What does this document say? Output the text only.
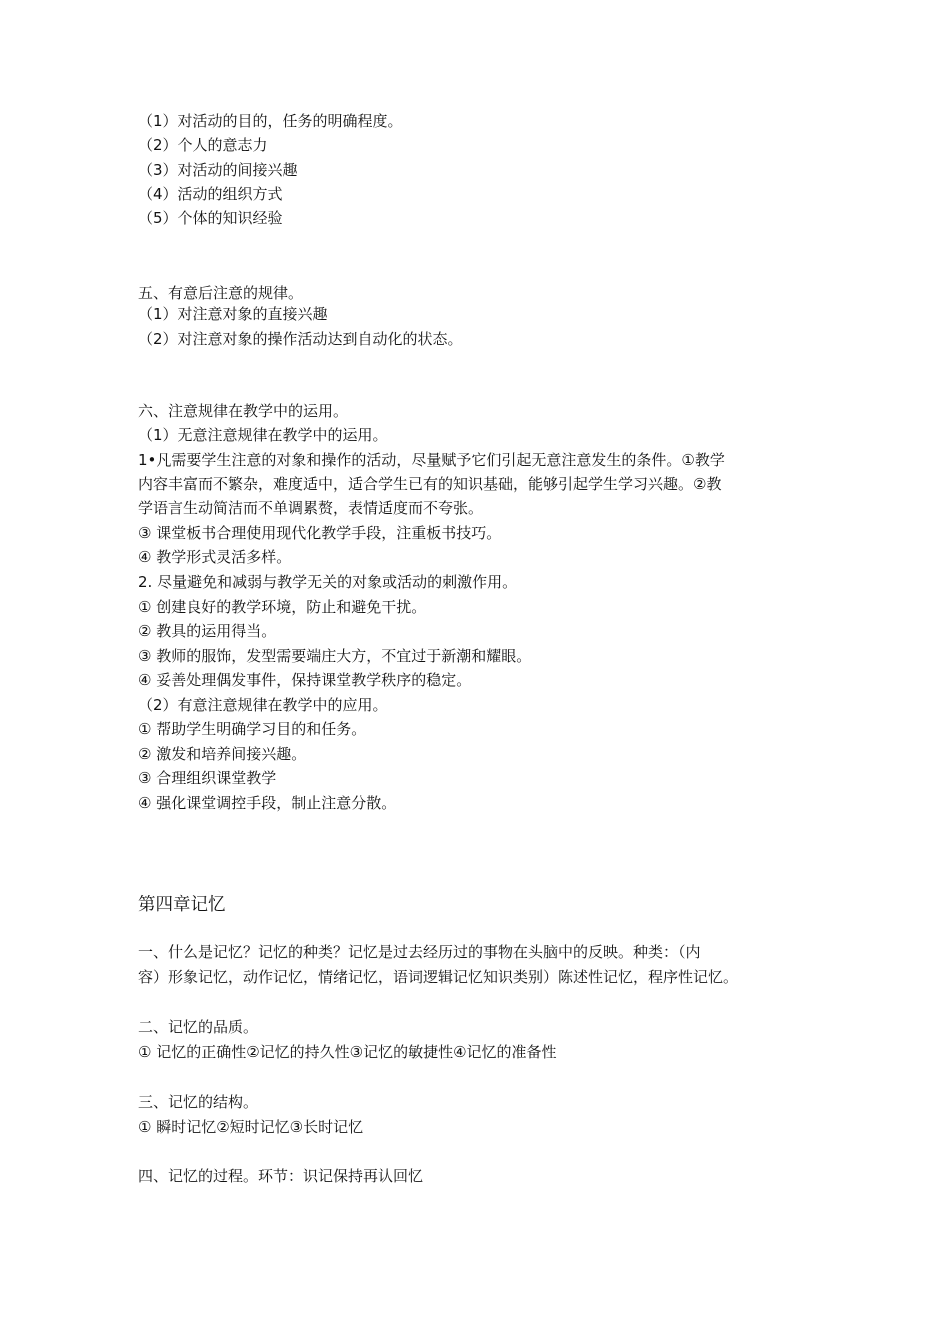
（1）对活动的目的，任务的明确程度。
（2）个人的意志力
（3）对活动的间接兴趣
（4）活动的组织方式
（5）个体的知识经验
五、有意后注意的规律。
（1）对注意对象的直接兴趣
（2）对注意对象的操作活动达到自动化的状态。
六、注意规律在教学中的运用。
（1）无意注意规律在教学中的运用。
1•凡需要学生注意的对象和操作的活动，尽量赋予它们引起无意注意发生的条件。①教学
内容丰富而不繁杂，难度适中，适合学生已有的知识基础，能够引起学生学习兴趣。②教
学语言生动简洁而不单调累赘，表情适度而不夸张。
③ 课堂板书合理使用现代化教学手段，注重板书技巧。
④ 教学形式灵活多样。
2. 尽量避免和减弱与教学无关的对象或活动的刺激作用。
① 创建良好的教学环境，防止和避免干扰。
② 教具的运用得当。
③ 教师的服饰，发型需要端庄大方，不宜过于新潮和耀眼。
④ 妥善处理偶发事件，保持课堂教学秩序的稳定。
（2）有意注意规律在教学中的应用。
① 帮助学生明确学习目的和任务。
② 激发和培养间接兴趣。
③ 合理组织课堂教学
④ 强化课堂调控手段，制止注意分散。
第四章记忆
一、什么是记忆？记忆的种类？记忆是过去经历过的事物在头脑中的反映。种类：（内
容）形象记忆，动作记忆，情绪记忆，语词逻辑记忆知识类别）陈述性记忆，程序性记忆。
二、记忆的品质。
① 记忆的正确性②记忆的持久性③记忆的敏捷性④记忆的准备性
三、记忆的结构。
① 瞬时记忆②短时记忆③长时记忆
四、记忆的过程。环节：识记保持再认回忆
